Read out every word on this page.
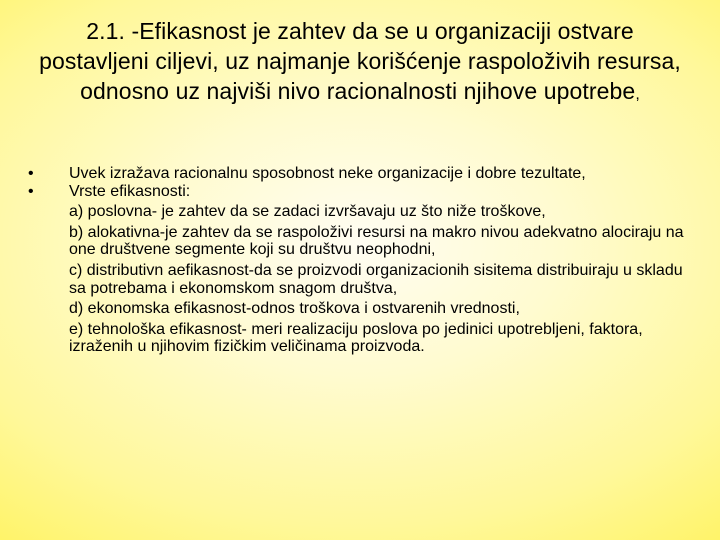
2.1. -Efikasnost je zahtev da se u organizaciji ostvare postavljeni ciljevi, uz najmanje korišćenje raspoloživih resursa, odnosno uz najviši nivo racionalnosti njihove upotrebe,
•	Uvek izražava racionalnu sposobnost neke organizacije i dobre tezultate,
•	Vrste efikasnosti:
a) poslovna- je zahtev da se zadaci izvršavaju uz što niže troškove,
b) alokativna-je zahtev da se raspoloživi resursi na makro nivou adekvatno alociraju na one društvene segmente koji su društvu neophodni,
c) distributivn aefikasnost-da se proizvodi organizacionih sisitema distribuiraju u skladu sa potrebama i ekonomskom snagom društva,
d) ekonomska efikasnost-odnos troškova i ostvarenih vrednosti,
e) tehnološka efikasnost- meri realizaciju poslova po jedinici upotrebljeni, faktora, izraženih u njihovim fizičkim veličinama proizvoda.
